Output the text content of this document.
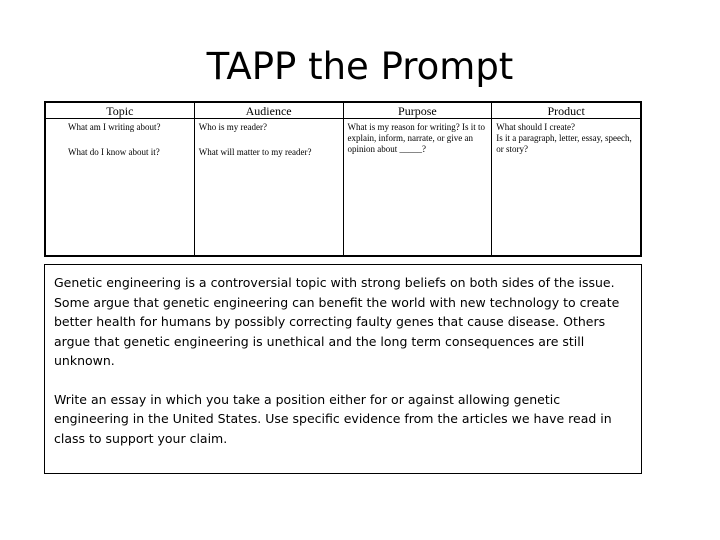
TAPP the Prompt
Topic
What am I writing about?
What do I know about it?
Audience
Who is my reader?
What will matter to my reader?
Purpose
What is my reason for writing? Is it to explain, inform, narrate, or give an opinion about _____?
Product
What should I create?
Is it a paragraph, letter, essay, speech, or story?

Genetic engineering is a controversial topic with strong beliefs on both sides of the issue. Some argue that genetic engineering can benefit the world with new technology to create better health for humans by possibly correcting faulty genes that cause disease. Others argue that genetic engineering is unethical and the long term consequences are still unknown.

Write an essay in which you take a position either for or against allowing genetic engineering in the United States. Use specific evidence from the articles we have read in class to support your claim.
